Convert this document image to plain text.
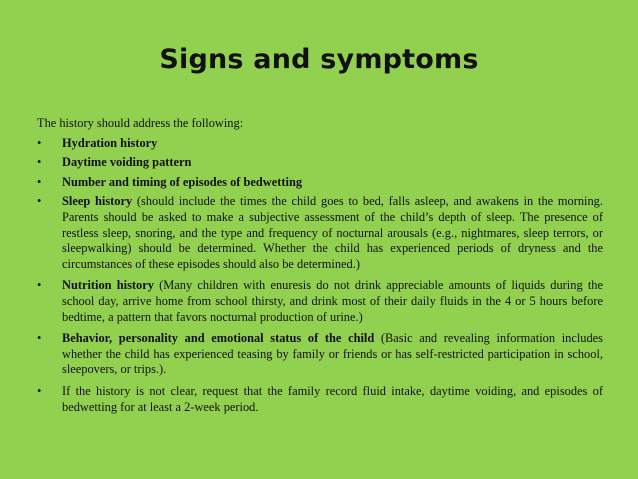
Signs and symptoms
The history should address the following:
•	Hydration history
•	Daytime voiding pattern
•	Number and timing of episodes of bedwetting
•	Sleep history (should include the times the child goes to bed, falls asleep, and awakens in the morning. Parents should be asked to make a subjective assessment of the child’s depth of sleep. The presence of restless sleep, snoring, and the type and frequency of nocturnal arousals (e.g., nightmares, sleep terrors, or sleepwalking) should be determined. Whether the child has experienced periods of dryness and the circumstances of these episodes should also be determined.)
•	Nutrition history (Many children with enuresis do not drink appreciable amounts of liquids during the school day, arrive home from school thirsty, and drink most of their daily fluids in the 4 or 5 hours before bedtime, a pattern that favors nocturnal production of urine.)
•	Behavior, personality and emotional status of the child (Basic and revealing information includes whether the child has experienced teasing by family or friends or has self-restricted participation in school, sleepovers, or trips.).
•	If the history is not clear, request that the family record fluid intake, daytime voiding, and episodes of bedwetting for at least a 2-week period.
